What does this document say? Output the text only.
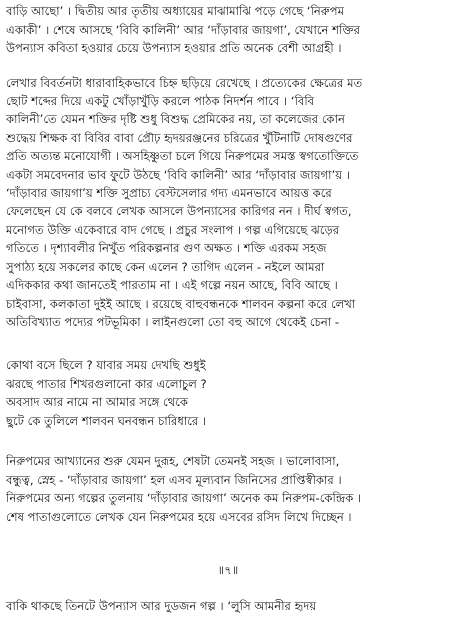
বাড়ি আছো’ । দ্বিতীয় আর তৃতীয় অধ্যায়ের মাঝামাঝি পড়ে গেছে ‘নিরুপম
একাকী’ । শেষে আসছে ‘বিবি কালিনী’ আর ‘দাঁড়াবার জায়গা’, যেখানে শক্তির
উপন্যাস কবিতা হওয়ার চেয়ে উপন্যাস হওয়ার প্রতি অনেক বেশী আগ্রহী ।
লেখার বিবর্তনটা ধারাবাহিকভাবে চিহ্ন ছড়িয়ে রেখেছে । প্রত্যেকের ক্ষেত্রের মত
ছোট শব্দের দিয়ে একটু খোঁড়াখুঁড়ি করলে পাঠক নিদর্শন পাবে । ‘বিবি
কালিনী’তে যেমন শক্তির দৃষ্টি শুধু বিশুদ্ধ প্রেমিকের নয়, তা কলেজের কোন
শুদ্ধেয় শিক্ষক বা বিবির বাবা প্রৌঢ় হৃদয়রঞ্জনের চরিত্রের খুঁটিনাটি দোষগুণের
প্রতি অত্যন্ত মনোযোগী । অসহিষ্ণুতা চলে গিয়ে নিরুপমের সমস্ত স্বগতোক্তিতে
একটা সমবেদনার ভাব ফুটে উঠছে ‘বিবি কালিনী’ আর ‘দাঁড়াবার জায়গা’য় ।
‘দাঁড়াবার জায়গা’য় শক্তি সুপ্রাচ্য বেস্টসেলার গদ্য এমনভাবে আয়ত্ত করে
ফেলেছেন যে কে বলবে লেখক আসলে উপন্যাসের কারিগর নন । দীর্ঘ স্বগত,
মনোগত উক্তি একেবারে বাদ গেছে । প্রচুর সংলাপ । গল্প এগিয়েছে ঝড়ের
গতিতে । দৃশ্যাবলীর নিখুঁত পরিকল্পনার গুণ অক্ষত । শক্তি এরকম সহজ
সুপাঠ্য হয়ে সকলের কাছে কেন এলেন ? তাগিদ এলেন - নইলে আমরা
এদিককার কথা জানতেই পারতাম না । এই গল্পে নয়ন আছে, বিবি আছে ।
চাইবাসা, কলকাতা দুইই আছে । রয়েছে বাহুবন্ধনকে শালবন কল্পনা করে লেখা
অতিবিখ্যাত পদ্যের পটভূমিকা । লাইনগুলো তো বহু আগে থেকেই চেনা -
কোথা বসে ছিলে ? যাবার সময় দেখছি শুধুই
ঝরছে পাতার শিখরগুলানো কার এলোচুল ?
অবসাদ আর নামে না আমার সঙ্গে থেকে
ছুটে কে তুলিলে শালবন ঘনবন্ধন চারিধারে ।
নিরুপমের আখ্যানের শুরু যেমন দুরূহ, শেষটা তেমনই সহজ । ভালোবাসা,
বন্ধুত্ব, স্নেহ - ‘দাঁড়াবার জায়গা’ হল এসব মূল্যবান জিনিসের প্রাপ্তিস্বীকার ।
নিরুপমের অন্য গল্পের তুলনায় ‘দাঁড়াবার জায়গা’ অনেক কম নিরুপম-কেন্দ্রিক ।
শেষ পাতাগুলোতে লেখক যেন নিরুপমের হয়ে এসবের রসিদ লিখে দিচ্ছেন ।
॥৭॥
বাকি থাকছে তিনটে উপন্যাস আর দুডজন গল্প । ‘লুসি আমনীর হৃদয়
